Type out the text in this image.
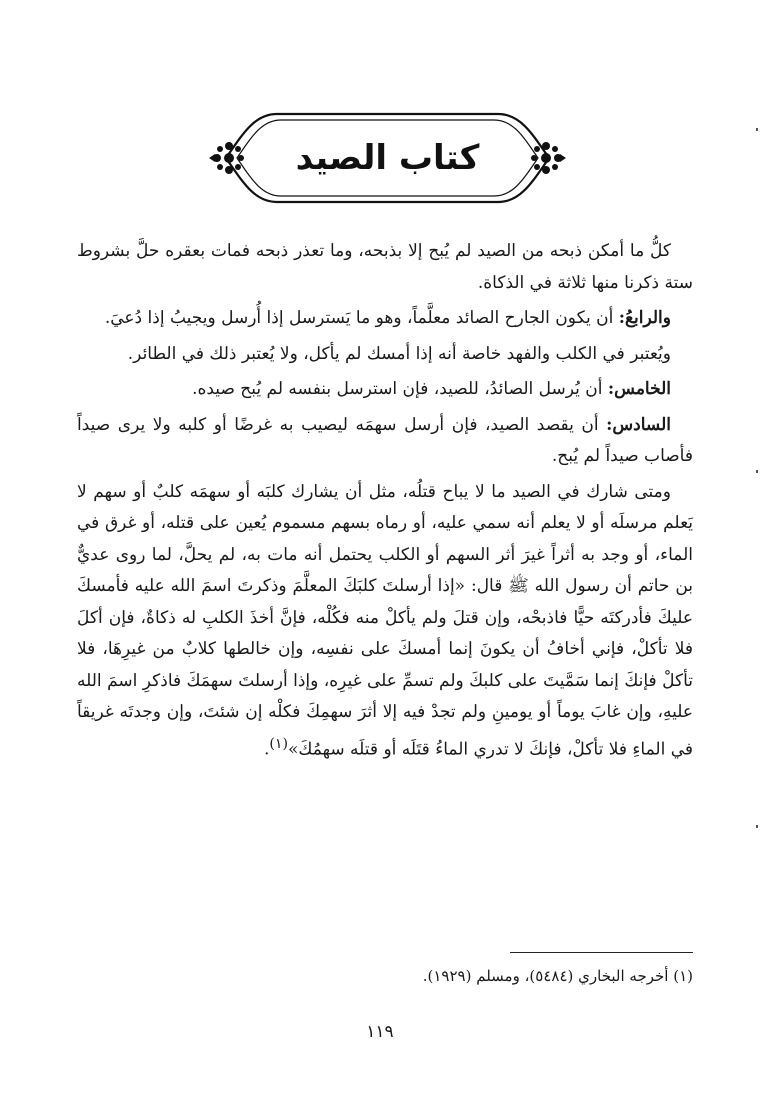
كتاب الصيد

كلُّ ما أمكن ذبحه من الصيد لم يُبح إلا بذبحه، وما تعذر ذبحه فمات بعقره حلَّ بشروط ستة ذكرنا منها ثلاثة في الذكاة.

والرابعُ: أن يكون الجارح الصائد معلَّماً، وهو ما يَسترسل إذا أُرسل ويجيبُ إذا دُعيَ.

ويُعتبر في الكلب والفهد خاصة أنه إذا أمسك لم يأكل، ولا يُعتبر ذلك في الطائر.

الخامس: أن يُرسل الصائدُ، للصيد، فإن استرسل بنفسه لم يُبح صيده.

السادس: أن يقصد الصيد، فإن أرسل سهمَه ليصيب به غرضًا أو كلبه ولا يرى صيداً فأصاب صيداً لم يُبح.

ومتى شارك في الصيد ما لا يباح قتلُه، مثل أن يشارك كلبَه أو سهمَه كلبٌ أو سهم لا يَعلم مرسلَه أو لا يعلم أنه سمي عليه، أو رماه بسهم مسموم يُعين على قتله، أو غرق في الماء، أو وجد به أثراً غيرَ أثر السهم أو الكلب يحتمل أنه مات به، لم يحلَّ، لما روى عديٌّ بن حاتم أن رسول الله ﷺ قال: «إذا أرسلتَ كلبَكَ المعلَّمَ وذكرتَ اسمَ الله عليه فأمسكَ عليكَ فأدركتَه حيًّا فاذبحْه، وإن قتلَ ولم يأكلْ منه فكُلْه، فإنَّ أخذَ الكلبِ له ذكاةٌ، فإن أكلَ فلا تأكلْ، فإني أخافُ أن يكونَ إنما أمسكَ على نفسِه، وإن خالطها كلابٌ من غيرِهَا، فلا تأكلْ فإنكَ إنما سَمَّيتَ على كلبكَ ولم تسمِّ على غيرِه، وإذا أرسلتَ سهمَكَ فاذكرِ اسمَ الله عليهِ، وإن غابَ يوماً أو يومينِ ولم تجدْ فيه إلا أثرَ سهمِكَ فكلْه إن شئتَ، وإن وجدتَه غريقاً في الماءِ فلا تأكلْ، فإنكَ لا تدري الماءُ قتَلَه أو قتلَه سهمُكَ»$^{(١)}$.

(١) أخرجه البخاري (٥٤٨٤)، ومسلم (١٩٢٩).
١١٩
